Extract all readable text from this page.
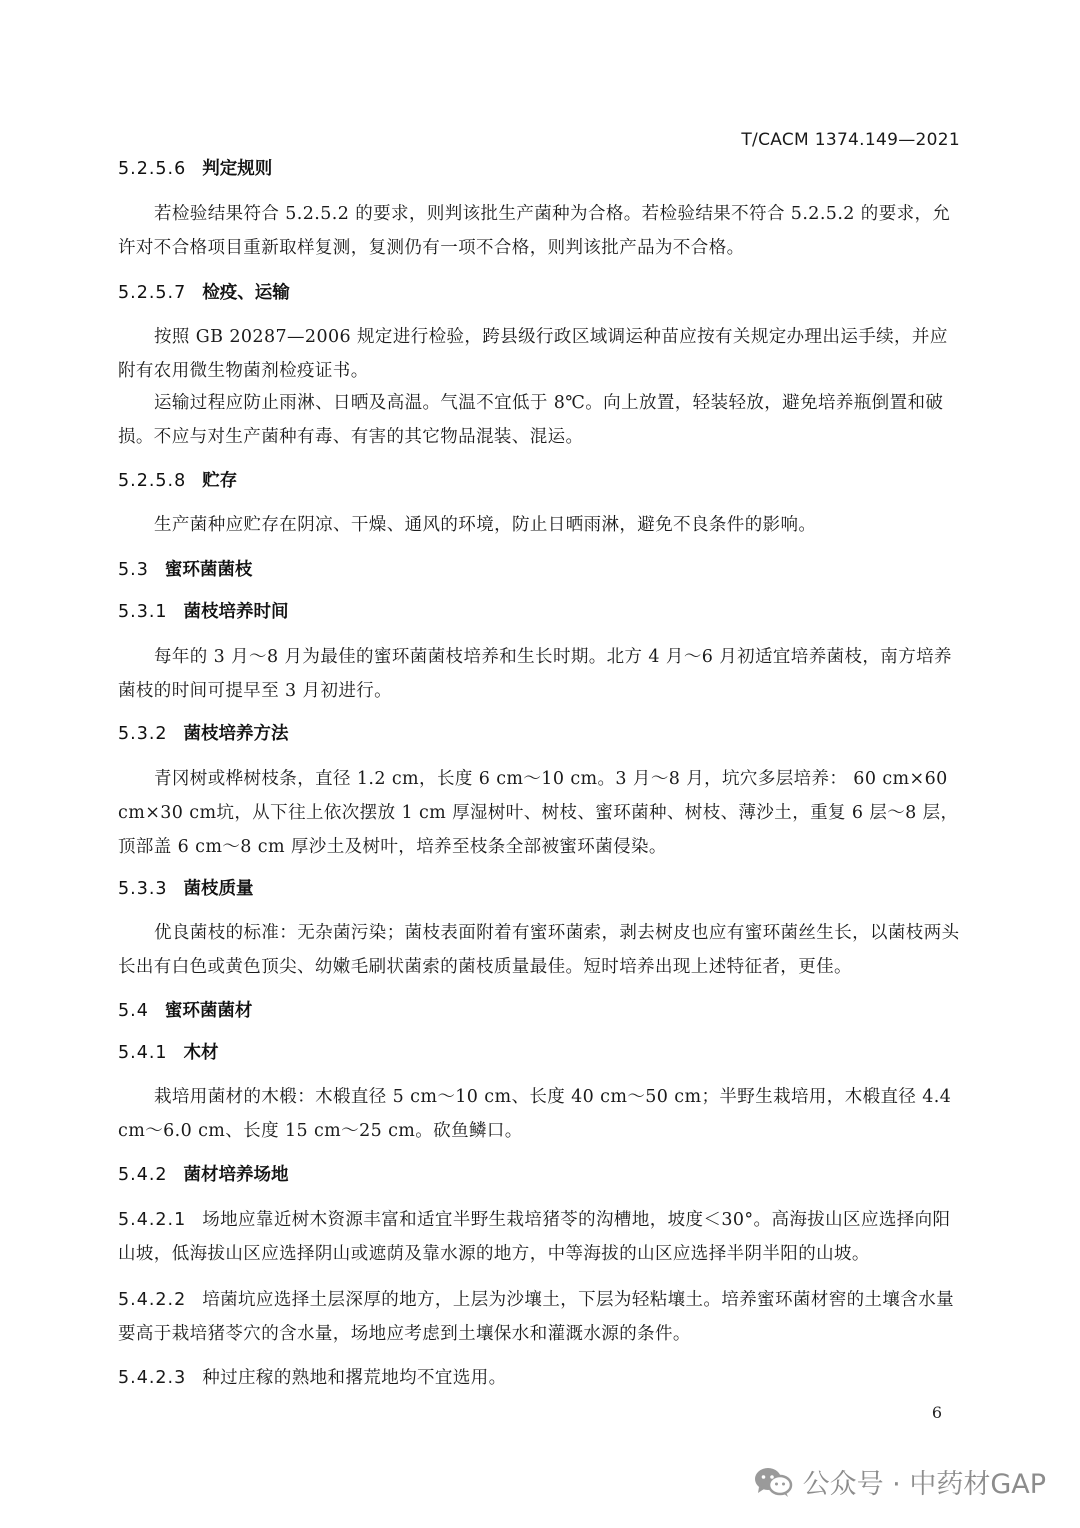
T/CACM 1374.149—2021
5.2.5.6 判定规则
若检验结果符合 5.2.5.2 的要求，则判该批生产菌种为合格。若检验结果不符合 5.2.5.2 的要求，允许对不合格项目重新取样复测，复测仍有一项不合格，则判该批产品为不合格。
5.2.5.7 检疫、运输
按照 GB 20287—2006 规定进行检验，跨县级行政区域调运种苗应按有关规定办理出运手续，并应附有农用微生物菌剂检疫证书。
运输过程应防止雨淋、日晒及高温。气温不宜低于 8℃。向上放置，轻装轻放，避免培养瓶倒置和破损。不应与对生产菌种有毒、有害的其它物品混装、混运。
5.2.5.8 贮存
生产菌种应贮存在阴凉、干燥、通风的环境，防止日晒雨淋，避免不良条件的影响。
5.3 蜜环菌菌枝
5.3.1 菌枝培养时间
每年的 3 月～8 月为最佳的蜜环菌菌枝培养和生长时期。北方 4 月～6 月初适宜培养菌枝，南方培养菌枝的时间可提早至 3 月初进行。
5.3.2 菌枝培养方法
青冈树或桦树枝条，直径 1.2 cm，长度 6 cm～10 cm。3 月～8 月，坑穴多层培养： 60 cm×60 cm×30 cm坑，从下往上依次摆放 1 cm 厚湿树叶、树枝、蜜环菌种、树枝、薄沙土，重复 6 层～8 层，顶部盖 6 cm～8 cm 厚沙土及树叶，培养至枝条全部被蜜环菌侵染。
5.3.3 菌枝质量
优良菌枝的标准：无杂菌污染；菌枝表面附着有蜜环菌索，剥去树皮也应有蜜环菌丝生长，以菌枝两头长出有白色或黄色顶尖、幼嫩毛刷状菌索的菌枝质量最佳。短时培养出现上述特征者，更佳。
5.4 蜜环菌菌材
5.4.1 木材
栽培用菌材的木椴：木椴直径 5 cm～10 cm、长度 40 cm～50 cm；半野生栽培用，木椴直径 4.4 cm～6.0 cm、长度 15 cm～25 cm。砍鱼鳞口。
5.4.2 菌材培养场地
5.4.2.1 场地应靠近树木资源丰富和适宜半野生栽培猪苓的沟槽地，坡度＜30°。高海拔山区应选择向阳山坡，低海拔山区应选择阴山或遮荫及靠水源的地方，中等海拔的山区应选择半阴半阳的山坡。
5.4.2.2 培菌坑应选择土层深厚的地方，上层为沙壤土，下层为轻粘壤土。培养蜜环菌材窖的土壤含水量要高于栽培猪苓穴的含水量，场地应考虑到土壤保水和灌溉水源的条件。
5.4.2.3 种过庄稼的熟地和撂荒地均不宜选用。
6
公众号 · 中药材GAP
